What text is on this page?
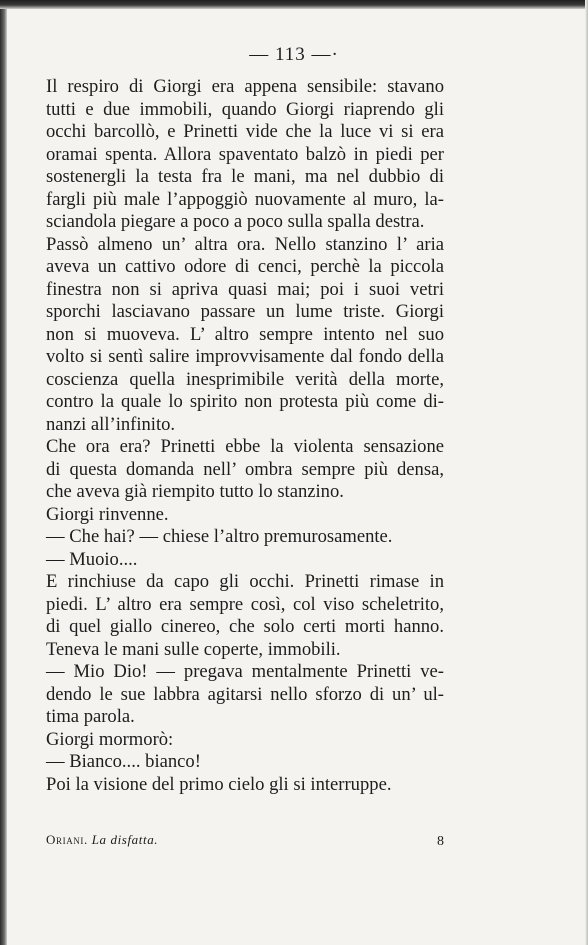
— 113 —·
Il respiro di Giorgi era appena sensibile: stavano
tutti e due immobili, quando Giorgi riaprendo gli
occhi barcollò, e Prinetti vide che la luce vi si era
oramai spenta. Allora spaventato balzò in piedi per
sostenergli la testa fra le mani, ma nel dubbio di
fargli più male l’appoggiò nuovamente al muro, la-
sciandola piegare a poco a poco sulla spalla destra.
Passò almeno un’ altra ora. Nello stanzino l’ aria
aveva un cattivo odore di cenci, perchè la piccola
finestra non si apriva quasi mai; poi i suoi vetri
sporchi lasciavano passare un lume triste. Giorgi
non si muoveva. L’ altro sempre intento nel suo
volto si sentì salire improvvisamente dal fondo della
coscienza quella inesprimibile verità della morte,
contro la quale lo spirito non protesta più come di-
nanzi all’infinito.
Che ora era? Prinetti ebbe la violenta sensazione
di questa domanda nell’ ombra sempre più densa,
che aveva già riempito tutto lo stanzino.
Giorgi rinvenne.
— Che hai? — chiese l’altro premurosamente.
— Muoio....
E rinchiuse da capo gli occhi. Prinetti rimase in
piedi. L’ altro era sempre così, col viso scheletrito,
di quel giallo cinereo, che solo certi morti hanno.
Teneva le mani sulle coperte, immobili.
— Mio Dio! — pregava mentalmente Prinetti ve-
dendo le sue labbra agitarsi nello sforzo di un’ ul-
tima parola.
Giorgi mormorò:
— Bianco.... bianco!
Poi la visione del primo cielo gli si interruppe.
Oriani. La disfatta.	8
